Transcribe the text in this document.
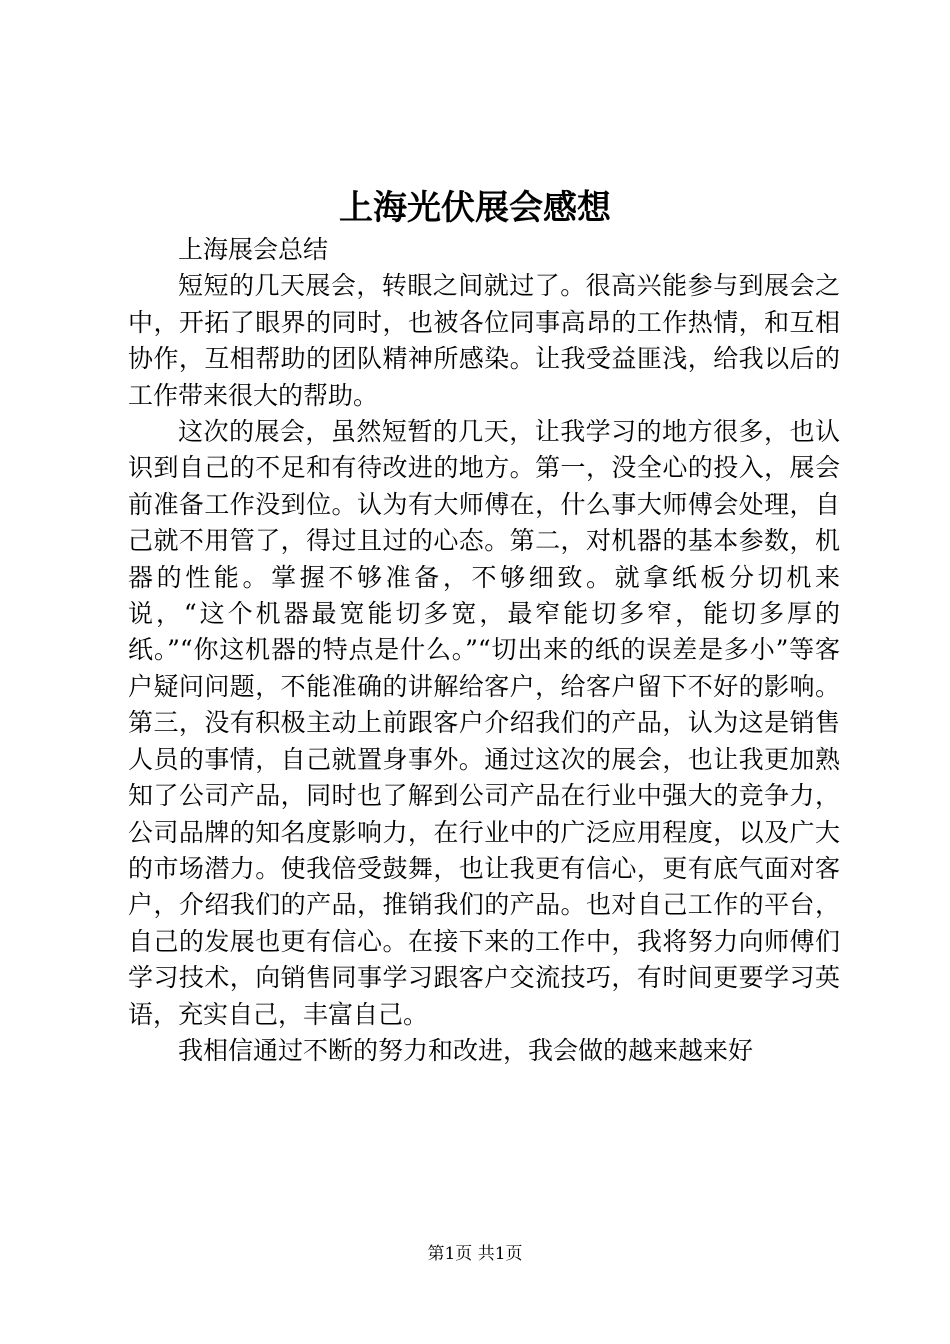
上海光伏展会感想

上海展会总结

短短的几天展会，转眼之间就过了。很高兴能参与到展会之中，开拓了眼界的同时，也被各位同事高昂的工作热情，和互相协作，互相帮助的团队精神所感染。让我受益匪浅，给我以后的工作带来很大的帮助。

这次的展会，虽然短暂的几天，让我学习的地方很多，也认识到自己的不足和有待改进的地方。第一，没全心的投入，展会前准备工作没到位。认为有大师傅在，什么事大师傅会处理，自己就不用管了，得过且过的心态。第二，对机器的基本参数，机器的性能。掌握不够准备，不够细致。就拿纸板分切机来说，“这个机器最宽能切多宽，最窄能切多窄，能切多厚的纸。”“你这机器的特点是什么。”“切出来的纸的误差是多小”等客户疑问问题，不能准确的讲解给客户，给客户留下不好的影响。第三，没有积极主动上前跟客户介绍我们的产品，认为这是销售人员的事情，自己就置身事外。通过这次的展会，也让我更加熟知了公司产品，同时也了解到公司产品在行业中强大的竞争力，公司品牌的知名度影响力，在行业中的广泛应用程度，以及广大的市场潜力。使我倍受鼓舞，也让我更有信心，更有底气面对客户，介绍我们的产品，推销我们的产品。也对自己工作的平台，自己的发展也更有信心。在接下来的工作中，我将努力向师傅们学习技术，向销售同事学习跟客户交流技巧，有时间更要学习英语，充实自己，丰富自己。

我相信通过不断的努力和改进，我会做的越来越来好

第1页 共1页
